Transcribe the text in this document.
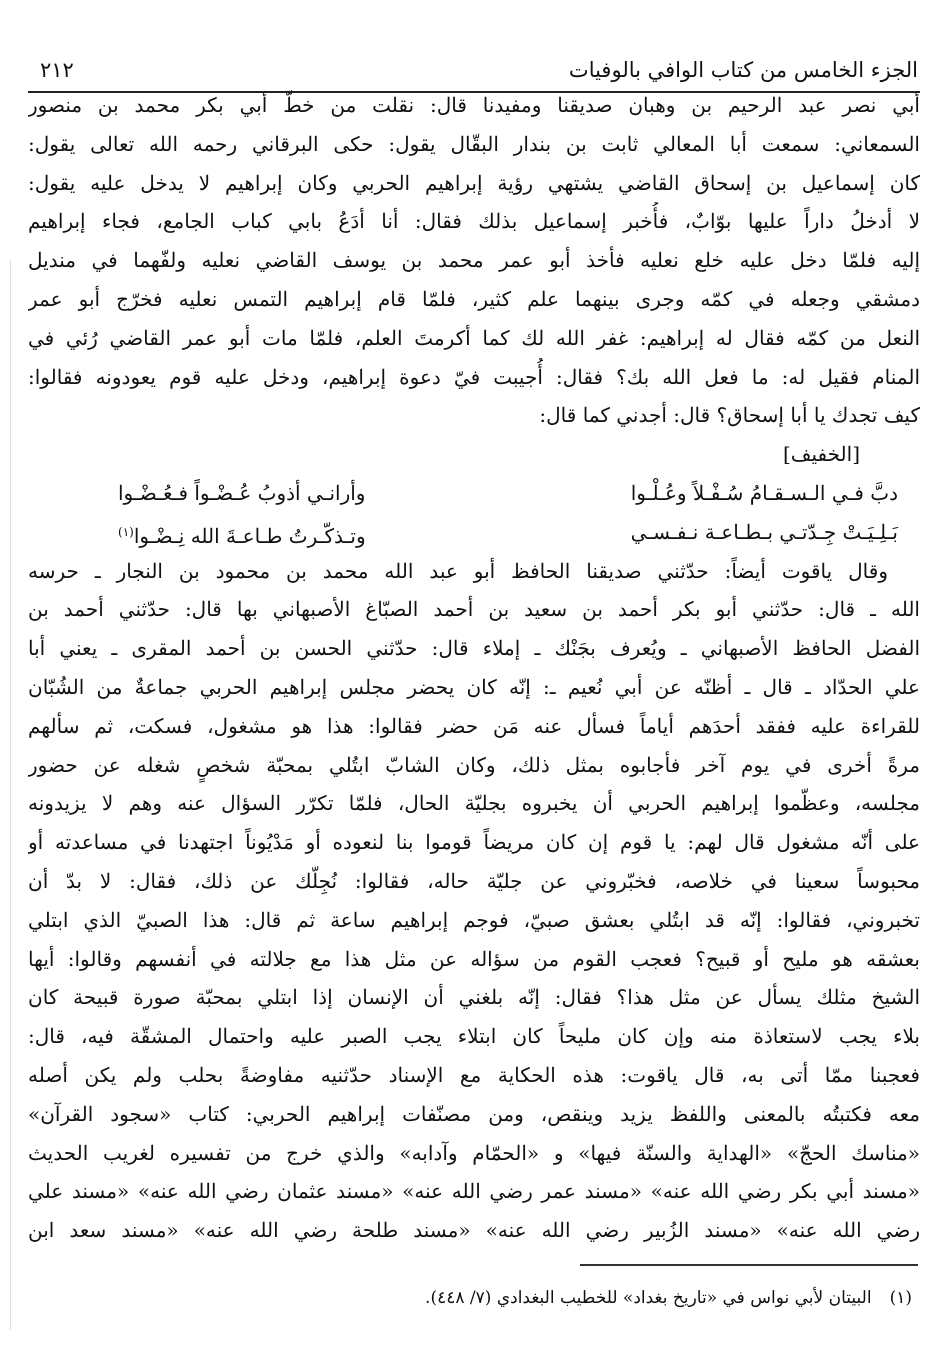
الجزء الخامس من كتاب الوافي بالوفيات
٢١٢
أبي نصر عبد الرحيم بن وهبان صديقنا ومفيدنا قال: نقلت من خطّ أبي بكر محمد بن منصور
السمعاني: سمعت أبا المعالي ثابت بن بندار البقّال يقول: حكى البرقاني رحمه الله تعالى يقول:
كان إسماعيل بن إسحاق القاضي يشتهي رؤية إبراهيم الحربي وكان إبراهيم لا يدخل عليه يقول:
لا أدخلُ داراً عليها بوّابٌ، فأُخبر إسماعيل بذلك فقال: أنا أدَعُ بابي كباب الجامع، فجاء إبراهيم
إليه فلمّا دخل عليه خلع نعليه فأخذ أبو عمر محمد بن يوسف القاضي نعليه ولفّهما في منديل
دمشقي وجعله في كمّه وجرى بينهما علم كثير، فلمّا قام إبراهيم التمس نعليه فخرّج أبو عمر
النعل من كمّه فقال له إبراهيم: غفر الله لك كما أكرمتَ العلم، فلمّا مات أبو عمر القاضي رُئي في
المنام فقيل له: ما فعل الله بك؟ فقال: أُجيبت فيّ دعوة إبراهيم، ودخل عليه قوم يعودونه فقالوا:
كيف تجدك يا أبا إسحاق؟ قال: أجدني كما قال:
[الخفيف]
دبَّ فـي الـسـقـامُ سُـفْـلاً وعُـلْـوا
وأرانـي أذوبُ عُـضْـواً فـعُـضْـوا
بَـلِـيَـتْ جِـدّتـي بـطـاعـة نـفـسـي
وتـذكّـرتُ طـاعـةَ الله نِـضْـوا$^{(١)}$
وقال ياقوت أيضاً: حدّثني صديقنا الحافظ أبو عبد الله محمد بن محمود بن النجار ـ حرسه
الله ـ قال: حدّثني أبو بكر أحمد بن سعيد بن أحمد الصبّاغ الأصبهاني بها قال: حدّثني أحمد بن
الفضل الحافظ الأصبهاني ـ ويُعرف بجَنْك ـ إملاء قال: حدّثني الحسن بن أحمد المقرى ـ يعني أبا
علي الحدّاد ـ قال ـ أظنّه عن أبي نُعيم ـ: إنّه كان يحضر مجلس إبراهيم الحربي جماعةٌ من الشُبّان
للقراءة عليه ففقد أحدَهم أياماً فسأل عنه مَن حضر فقالوا: هذا هو مشغول، فسكت، ثم سألهم
مرةً أخرى في يوم آخر فأجابوه بمثل ذلك، وكان الشابّ ابتُلي بمحبّة شخصٍ شغله عن حضور
مجلسه، وعظّموا إبراهيم الحربي أن يخبروه بجليّة الحال، فلمّا تكرّر السؤال عنه وهم لا يزيدونه
على أنّه مشغول قال لهم: يا قوم إن كان مريضاً قوموا بنا لنعوده أو مَدْيُوناً اجتهدنا في مساعدته أو
محبوساً سعينا في خلاصه، فخبّروني عن جليّة حاله، فقالوا: نُجِلّك عن ذلك، فقال: لا بدّ أن
تخبروني، فقالوا: إنّه قد ابتُلي بعشق صبيّ، فوجم إبراهيم ساعة ثم قال: هذا الصبيّ الذي ابتلي
بعشقه هو مليح أو قبيح؟ فعجب القوم من سؤاله عن مثل هذا مع جلالته في أنفسهم وقالوا: أيها
الشيخ مثلك يسأل عن مثل هذا؟ فقال: إنّه بلغني أن الإنسان إذا ابتلي بمحبّة صورة قبيحة كان
بلاء يجب لاستعاذة منه وإن كان مليحاً كان ابتلاء يجب الصبر عليه واحتمال المشقّة فيه، قال:
فعجبنا ممّا أتى به، قال ياقوت: هذه الحكاية مع الإسناد حدّثنيه مفاوضةً بحلب ولم يكن أصله
معه فكتبتُه بالمعنى واللفظ يزيد وينقص، ومن مصنّفات إبراهيم الحربي: كتاب «سجود القرآن»
«مناسك الحجّ» «الهداية والسنّة فيها» و «الحمّام وآدابه» والذي خرج من تفسيره لغريب الحديث
«مسند أبي بكر رضي الله عنه» «مسند عمر رضي الله عنه» «مسند عثمان رضي الله عنه» «مسند علي
رضي الله عنه» «مسند الزُبير رضي الله عنه» «مسند طلحة رضي الله عنه» «مسند سعد ابن
(١)البيتان لأبي نواس في «تاريخ بغداد» للخطيب البغدادي (٧/ ٤٤٨).
